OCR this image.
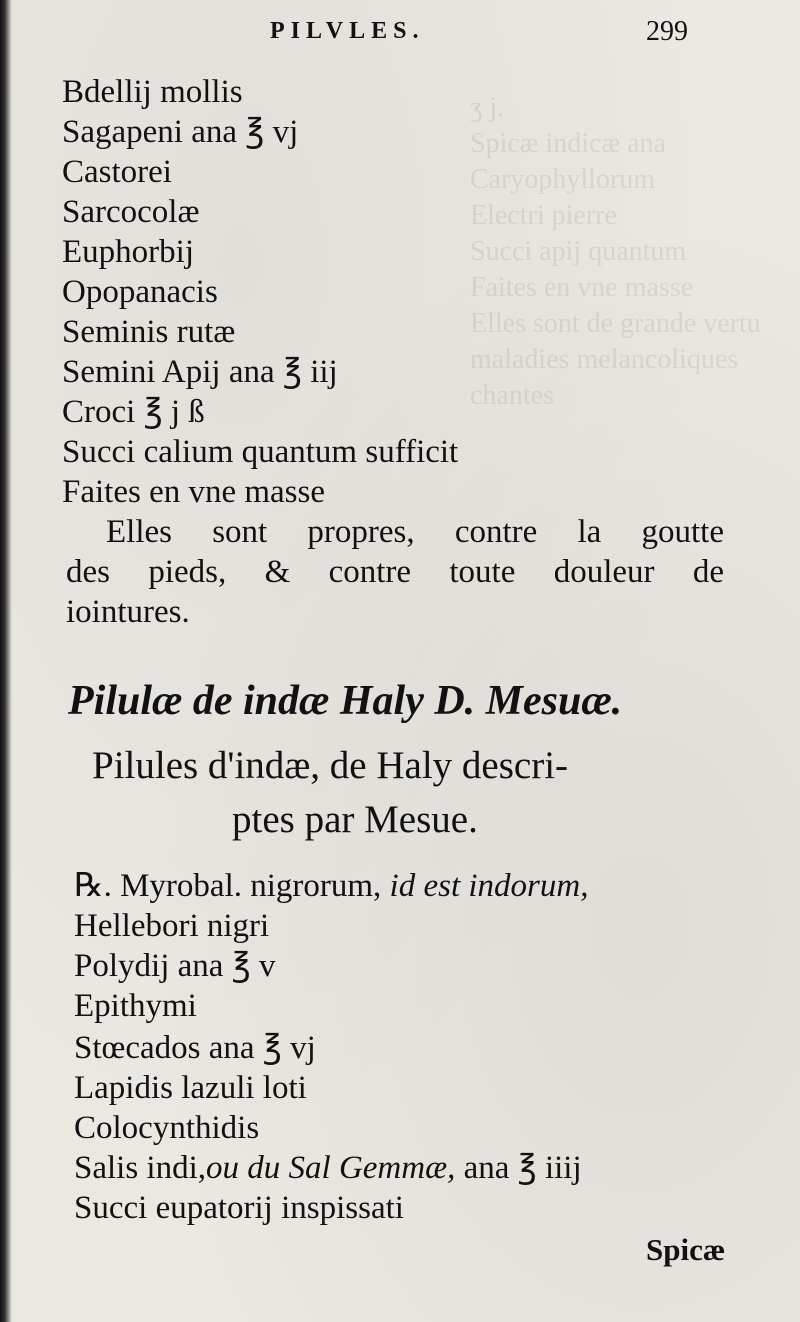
ʒ j.
Spicæ indicæ ana
Caryophyllorum
Electri pierre
Succi apij quantum
Faites en vne masse
Elles sont de grande vertu
maladies melancoliques
chantes
PILVLES.	299
Bdellij mollis
Sagapeni ana ℥ vj
Castorei
Sarcocolæ
Euphorbij
Opopanacis
Seminis rutæ
Semini Apij ana ℥ iij
Croci ℥ j ß
Succi calium quantum sufficit
Faites en vne masse
Elles sont propres, contre la goutte
des pieds, & contre toute douleur de
iointures.
Pilulæ de indæ Haly D. Mesuæ.
Pilules d'indæ, de Haly descri-
ptes par Mesue.
℞. Myrobal. nigrorum, id est indorum,
Hellebori nigri
Polydij ana ℥ v
Epithymi
Stœcados ana ℥ vj
Lapidis lazuli loti
Colocynthidis
Salis indi,ou du Sal Gemmæ, ana ℥ iiij
Succi eupatorij inspissati
Spicæ
